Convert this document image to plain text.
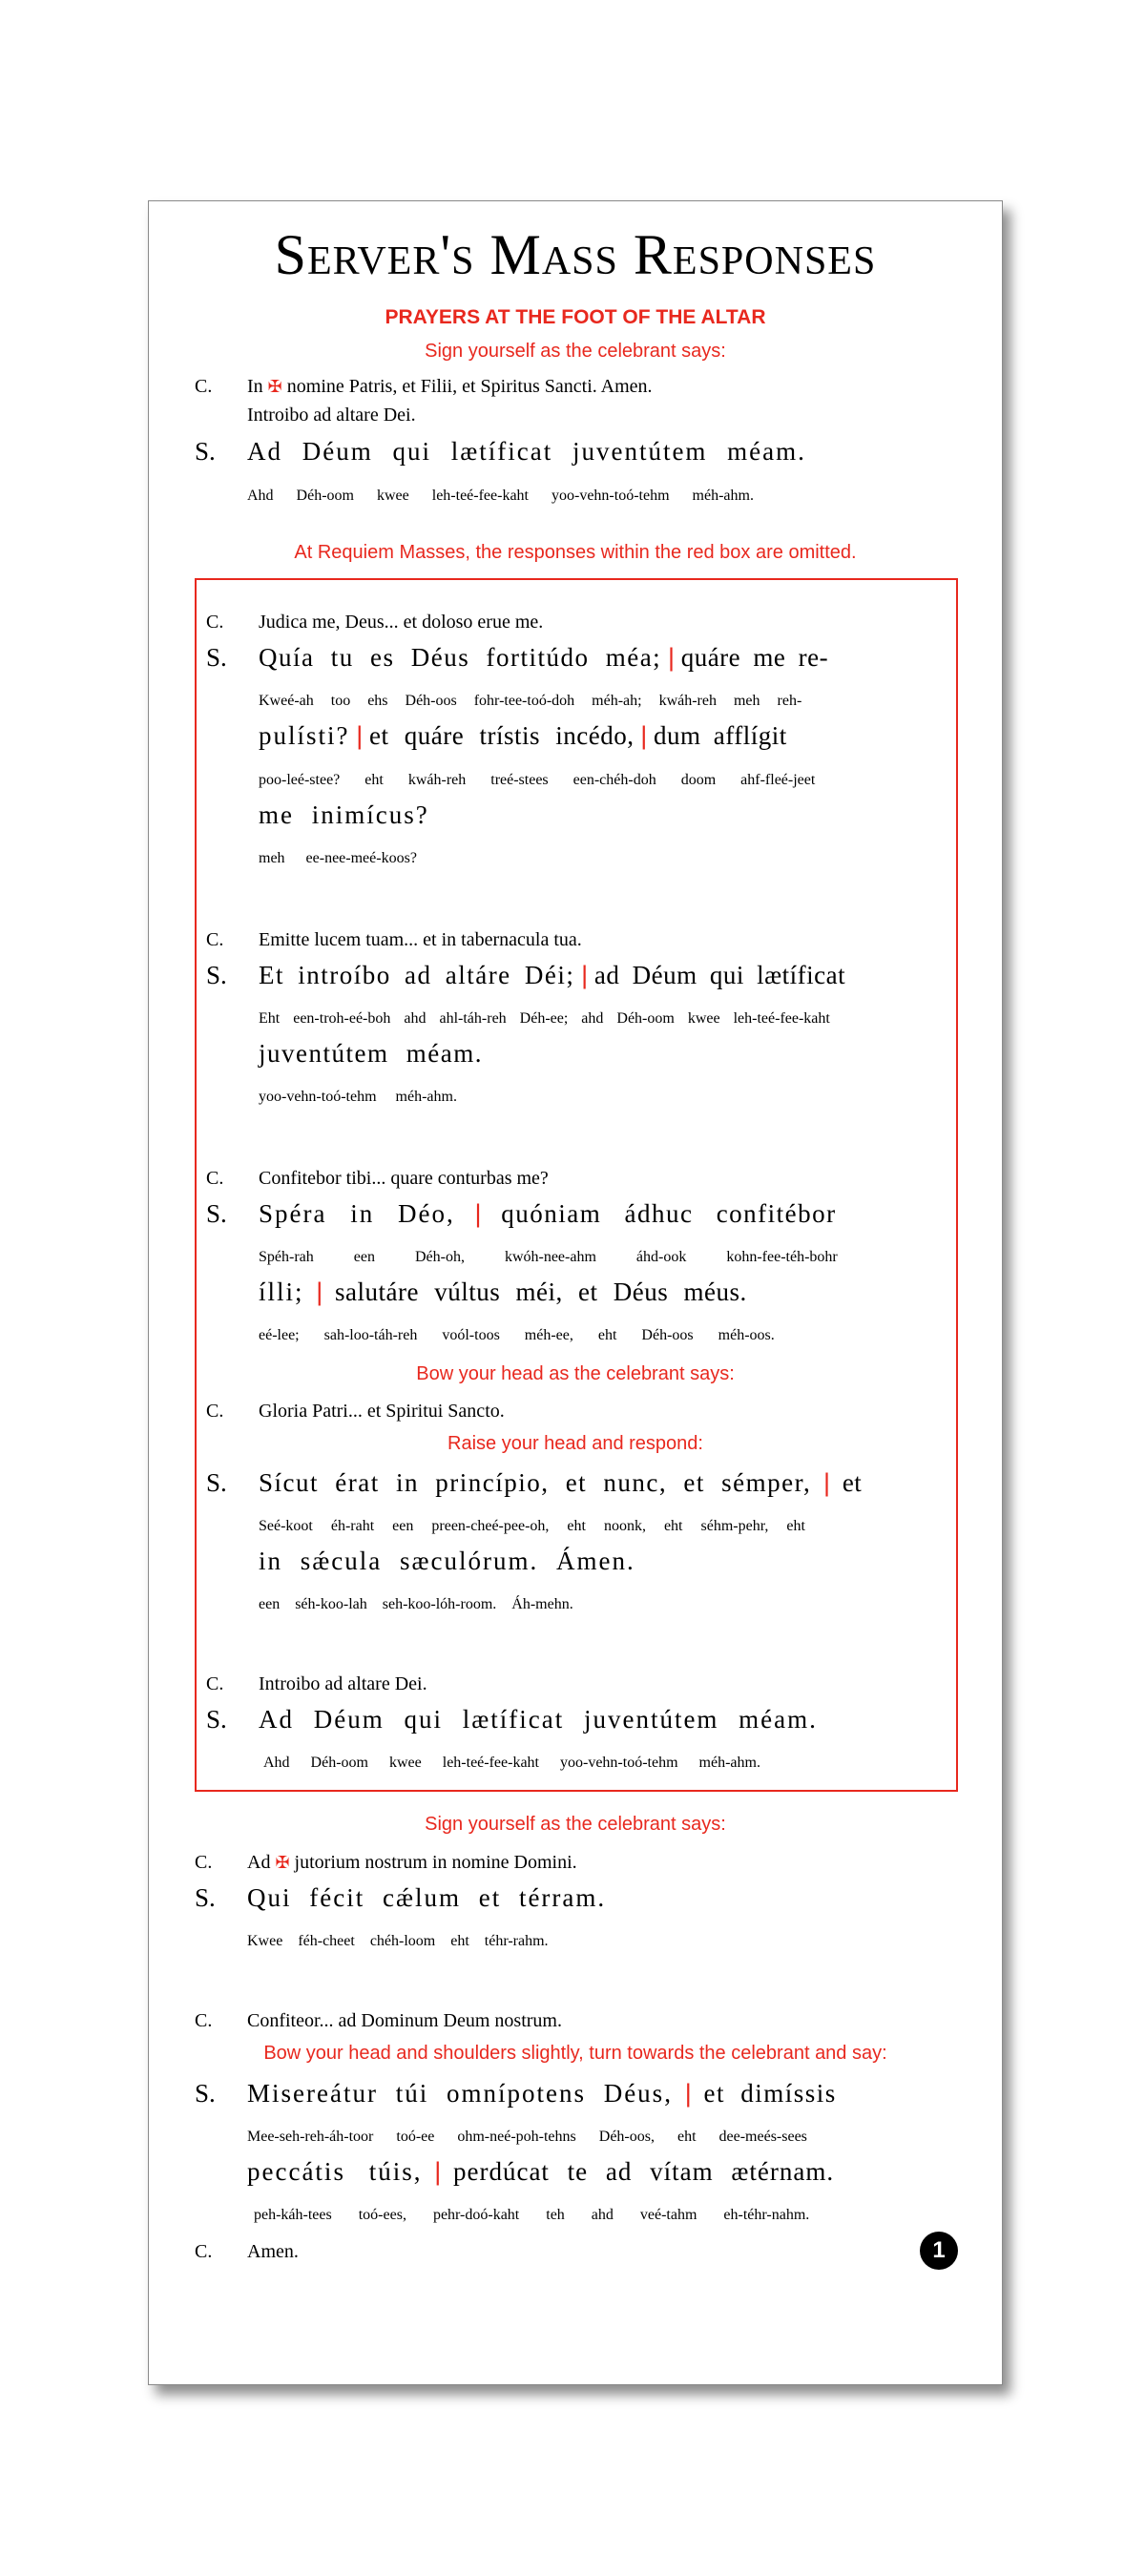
Server's Mass Responses
PRAYERS AT THE FOOT OF THE ALTAR
Sign yourself as the celebrant says:
C. In ✠ nomine Patris, et Filii, et Spiritus Sancti. Amen.
Introibo ad altare Dei.
S. Ad Déum qui lætíficat juventútem méam.
Ahd Déh-oom kwee leh-teé-fee-kaht yoo-vehn-toó-tehm méh-ahm.
At Requiem Masses, the responses within the red box are omitted.
C. Judica me, Deus... et doloso erue me.
S. Quía tu es Déus fortitúdo méa; | quáre me re-
Kweé-ah too ehs Déh-oos fohr-tee-toó-doh méh-ah; kwáh-reh meh reh-
pulísti? | et quáre trístis incédo, | dum afflígit
poo-leé-stee? eht kwáh-reh treé-stees een-chéh-doh doom ahf-fleé-jeet
me inimícus?
meh ee-nee-meé-koos?
C. Emitte lucem tuam... et in tabernacula tua.
S. Et introíbo ad altáre Déi; | ad Déum qui lætíficat
Eht een-troh-eé-boh ahd ahl-táh-reh Déh-ee; ahd Déh-oom kwee leh-teé-fee-kaht
juventútem méam.
yoo-vehn-toó-tehm méh-ahm.
C. Confitebor tibi... quare conturbas me?
S. Spéra in Déo, | quóniam ádhuc confitébor
Spéh-rah een Déh-oh, kwóh-nee-ahm áhd-ook kohn-fee-téh-bohr
ílli; | salutáre vúltus méi, et Déus méus.
eé-lee; sah-loo-táh-reh voól-toos méh-ee, eht Déh-oos méh-oos.
Bow your head as the celebrant says:
C. Gloria Patri... et Spiritui Sancto.
Raise your head and respond:
S. Sícut érat in princípio, et nunc, et sémper, | et
Seé-koot éh-raht een preen-cheé-pee-oh, eht noonk, eht séhm-pehr, eht
in sǽcula sæculórum. Ámen.
een séh-koo-lah seh-koo-lóh-room. Áh-mehn.
C. Introibo ad altare Dei.
S. Ad Déum qui lætíficat juventútem méam.
Ahd Déh-oom kwee leh-teé-fee-kaht yoo-vehn-toó-tehm méh-ahm.
Sign yourself as the celebrant says:
C. Ad ✠ jutorium nostrum in nomine Domini.
S. Qui fécit cǽlum et térram.
Kwee féh-cheet chéh-loom eht téhr-rahm.
C. Confiteor... ad Dominum Deum nostrum.
Bow your head and shoulders slightly, turn towards the celebrant and say:
S. Misereátur túi omnípotens Déus, | et dimíssis
Mee-seh-reh-áh-toor toó-ee ohm-neé-poh-tehns Déh-oos, eht dee-meés-sees
peccátis túis, | perdúcat te ad vítam ætérnam.
peh-káh-tees toó-ees, pehr-doó-kaht teh ahd veé-tahm eh-téhr-nahm.
C. Amen.	1
